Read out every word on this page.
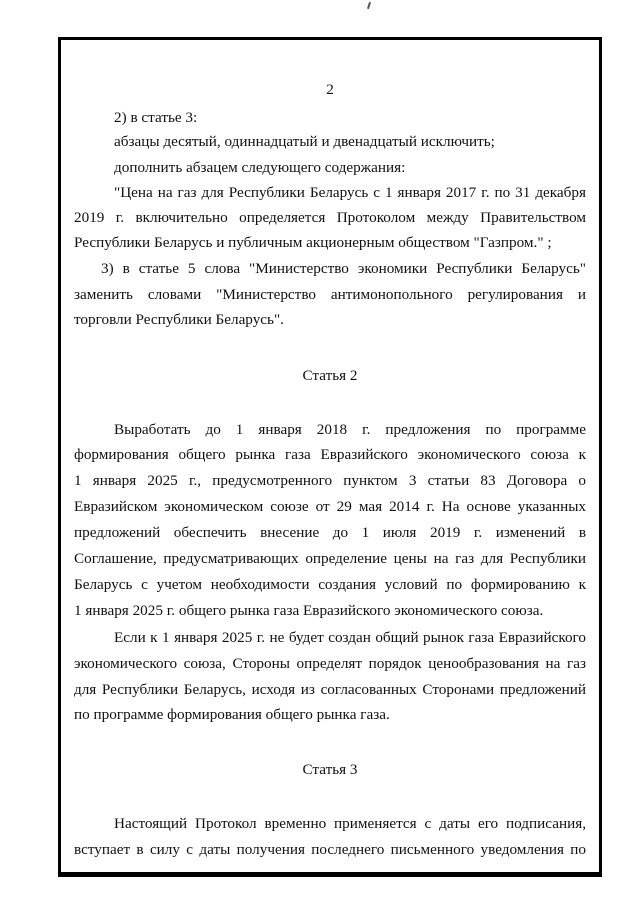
2
2) в статье 3:
абзацы десятый, одиннадцатый и двенадцатый исключить;
дополнить абзацем следующего содержания:
"Цена на газ для Республики Беларусь с 1 января 2017 г. по 31 декабря
2019 г. включительно определяется Протоколом между Правительством
Республики Беларусь и публичным акционерным обществом "Газпром." ;
3) в статье 5 слова "Министерство экономики Республики Беларусь"
заменить словами "Министерство антимонопольного регулирования и
торговли Республики Беларусь".
Статья 2
Выработать до 1 января 2018 г. предложения по программе
формирования общего рынка газа Евразийского экономического союза к
1 января 2025 г., предусмотренного пунктом 3 статьи 83 Договора о
Евразийском экономическом союзе от 29 мая 2014 г. На основе указанных
предложений обеспечить внесение до 1 июля 2019 г. изменений в
Соглашение, предусматривающих определение цены на газ для Республики
Беларусь с учетом необходимости создания условий по формированию к
1 января 2025 г. общего рынка газа Евразийского экономического союза.
Если к 1 января 2025 г. не будет создан общий рынок газа Евразийского
экономического союза, Стороны определят порядок ценообразования на газ
для Республики Беларусь, исходя из согласованных Сторонами предложений
по программе формирования общего рынка газа.
Статья 3
Настоящий Протокол временно применяется с даты его подписания,
вступает в силу с даты получения последнего письменного уведомления по
